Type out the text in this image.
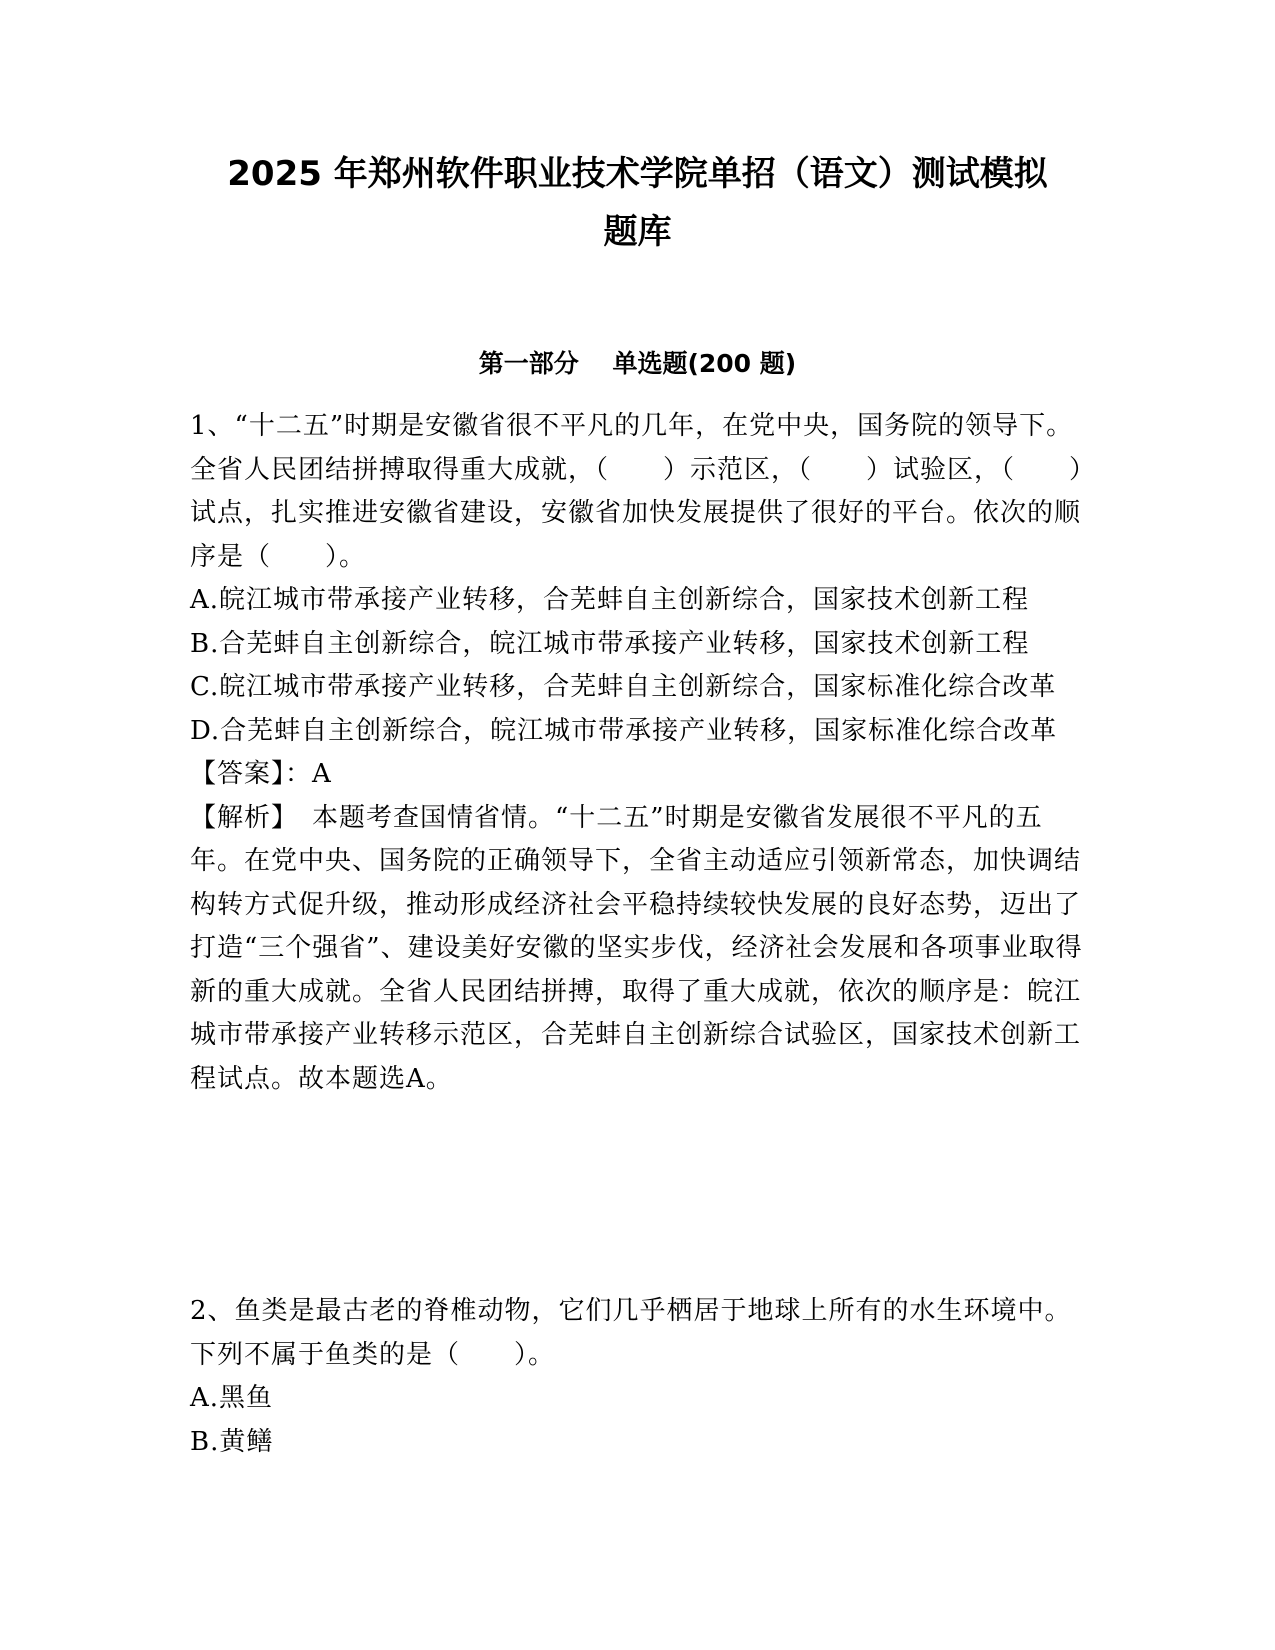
2025 年郑州软件职业技术学院单招（语文）测试模拟
题库
第一部分　 单选题(200 题)

1、“十二五”时期是安徽省很不平凡的几年，在党中央，国务院的领导下。全省人民团结拼搏取得重大成就，（　　）示范区，（　　）试验区，（　　）试点，扎实推进安徽省建设，安徽省加快发展提供了很好的平台。依次的顺序是（　　）。

A.皖江城市带承接产业转移，合芜蚌自主创新综合，国家技术创新工程

B.合芜蚌自主创新综合，皖江城市带承接产业转移，国家技术创新工程

C.皖江城市带承接产业转移，合芜蚌自主创新综合，国家标准化综合改革

D.合芜蚌自主创新综合，皖江城市带承接产业转移，国家标准化综合改革

【答案】：A

【解析】　本题考查国情省情。“十二五”时期是安徽省发展很不平凡的五年。在党中央、国务院的正确领导下，全省主动适应引领新常态，加快调结构转方式促升级，推动形成经济社会平稳持续较快发展的良好态势，迈出了打造“三个强省”、建设美好安徽的坚实步伐，经济社会发展和各项事业取得新的重大成就。全省人民团结拼搏，取得了重大成就，依次的顺序是：皖江城市带承接产业转移示范区，合芜蚌自主创新综合试验区，国家技术创新工程试点。故本题选A。

2、鱼类是最古老的脊椎动物，它们几乎栖居于地球上所有的水生环境中。下列不属于鱼类的是（　　）。

A.黑鱼

B.黄鳝
